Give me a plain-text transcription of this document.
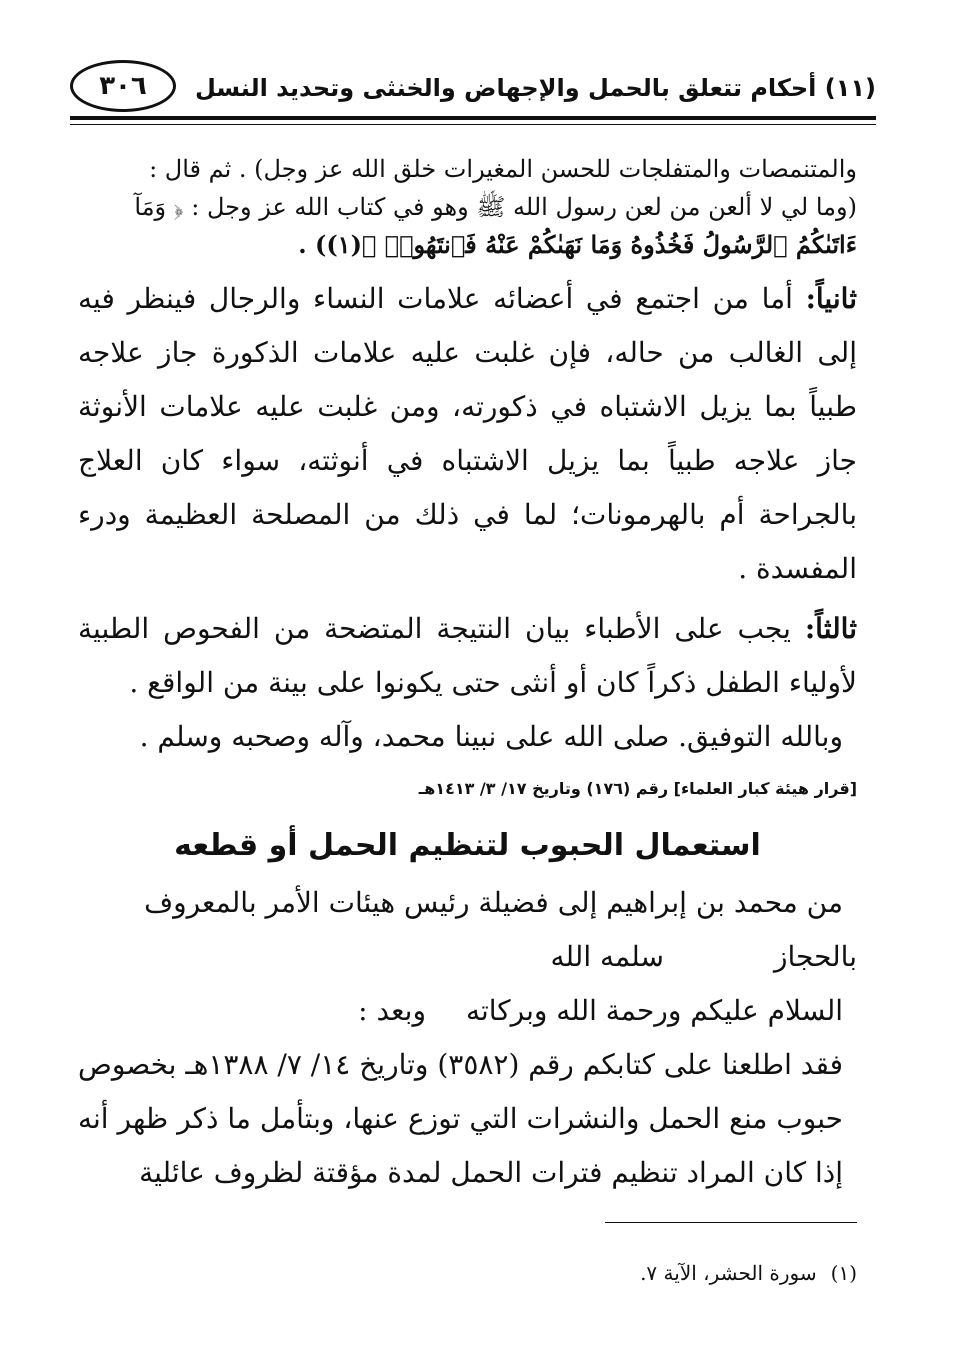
(١١) أحكام تتعلق بالحمل والإجهاض والخنثى وتحديد النسل
٣٠٦

والمتنمصات والمتفلجات للحسن المغيرات خلق الله عز وجل) . ثم قال :

(وما لي لا ألعن من لعن رسول الله ﷺ وهو في كتاب الله عز وجل : ﴿ وَمَآ

ءَاتَىٰكُمُ ٱلرَّسُولُ فَخُذُوهُ وَمَا نَهَىٰكُمْ عَنْهُ فَٱنتَهُوا۟ ﴾(١)) .

ثانياً: أما من اجتمع في أعضائه علامات النساء والرجال فينظر فيه إلى الغالب من حاله، فإن غلبت عليه علامات الذكورة جاز علاجه طبياً بما يزيل الاشتباه في ذكورته، ومن غلبت عليه علامات الأنوثة جاز علاجه طبياً بما يزيل الاشتباه في أنوثته، سواء كان العلاج بالجراحة أم بالهرمونات؛ لما في ذلك من المصلحة العظيمة ودرء المفسدة .

ثالثاً: يجب على الأطباء بيان النتيجة المتضحة من الفحوص الطبية لأولياء الطفل ذكراً كان أو أنثى حتى يكونوا على بينة من الواقع .

وبالله التوفيق. صلى الله على نبينا محمد، وآله وصحبه وسلم .

[قرار هيئة كبار العلماء] رقم (١٧٦) وتاريخ ١٧/ ٣/ ١٤١٣هـ

استعمال الحبوب لتنظيم الحمل أو قطعه

من محمد بن إبراهيم إلى فضيلة رئيس هيئات الأمر بالمعروف

بالحجاز
سلمه الله
السلام عليكم ورحمة الله وبركاته
وبعد :

فقد اطلعنا على كتابكم رقم (٣٥٨٢) وتاريخ ١٤/ ٧/ ١٣٨٨هـ بخصوص حبوب منع الحمل والنشرات التي توزع عنها، وبتأمل ما ذكر ظهر أنه إذا كان المراد تنظيم فترات الحمل لمدة مؤقتة لظروف عائلية

(١)سورة الحشر، الآية ٧.
